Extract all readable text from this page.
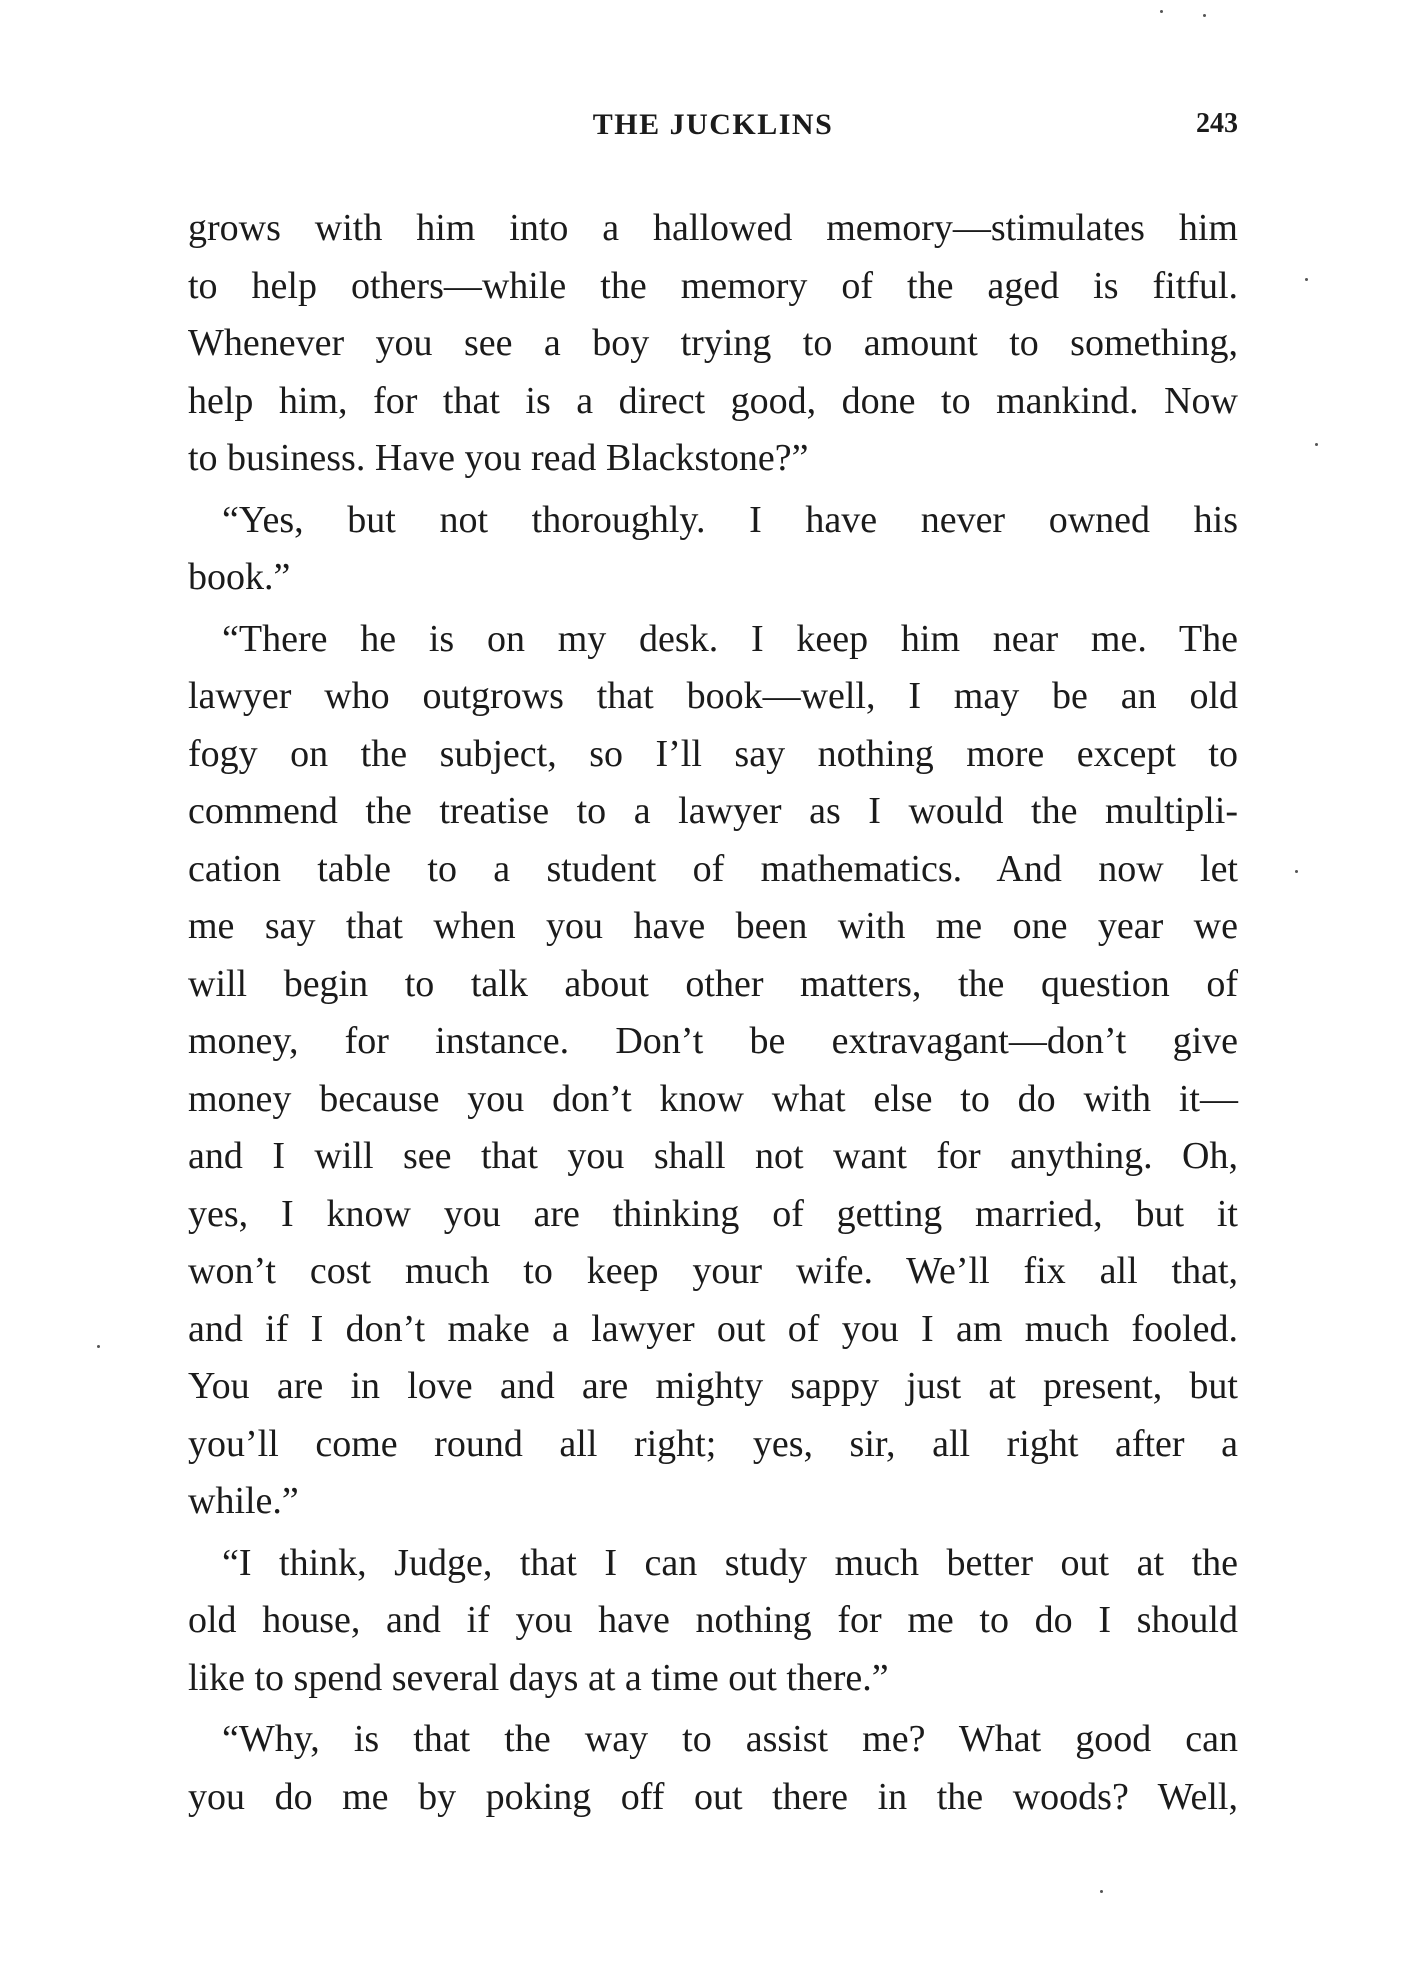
THE JUCKLINS	243
grows with him into a hallowed memory—stimulates him
to help others—while the memory of the aged is fitful.
Whenever you see a boy trying to amount to something,
help him, for that is a direct good, done to mankind. Now
to business. Have you read Blackstone?”
“Yes, but not thoroughly. I have never owned his
book.”
“There he is on my desk. I keep him near me. The
lawyer who outgrows that book—well, I may be an old
fogy on the subject, so I’ll say nothing more except to
commend the treatise to a lawyer as I would the multipli-
cation table to a student of mathematics. And now let
me say that when you have been with me one year we
will begin to talk about other matters, the question of
money, for instance. Don’t be extravagant—don’t give
money because you don’t know what else to do with it—
and I will see that you shall not want for anything. Oh,
yes, I know you are thinking of getting married, but it
won’t cost much to keep your wife. We’ll fix all that,
and if I don’t make a lawyer out of you I am much fooled.
You are in love and are mighty sappy just at present, but
you’ll come round all right; yes, sir, all right after a
while.”
“I think, Judge, that I can study much better out at the
old house, and if you have nothing for me to do I should
like to spend several days at a time out there.”
“Why, is that the way to assist me? What good can
you do me by poking off out there in the woods? Well,
